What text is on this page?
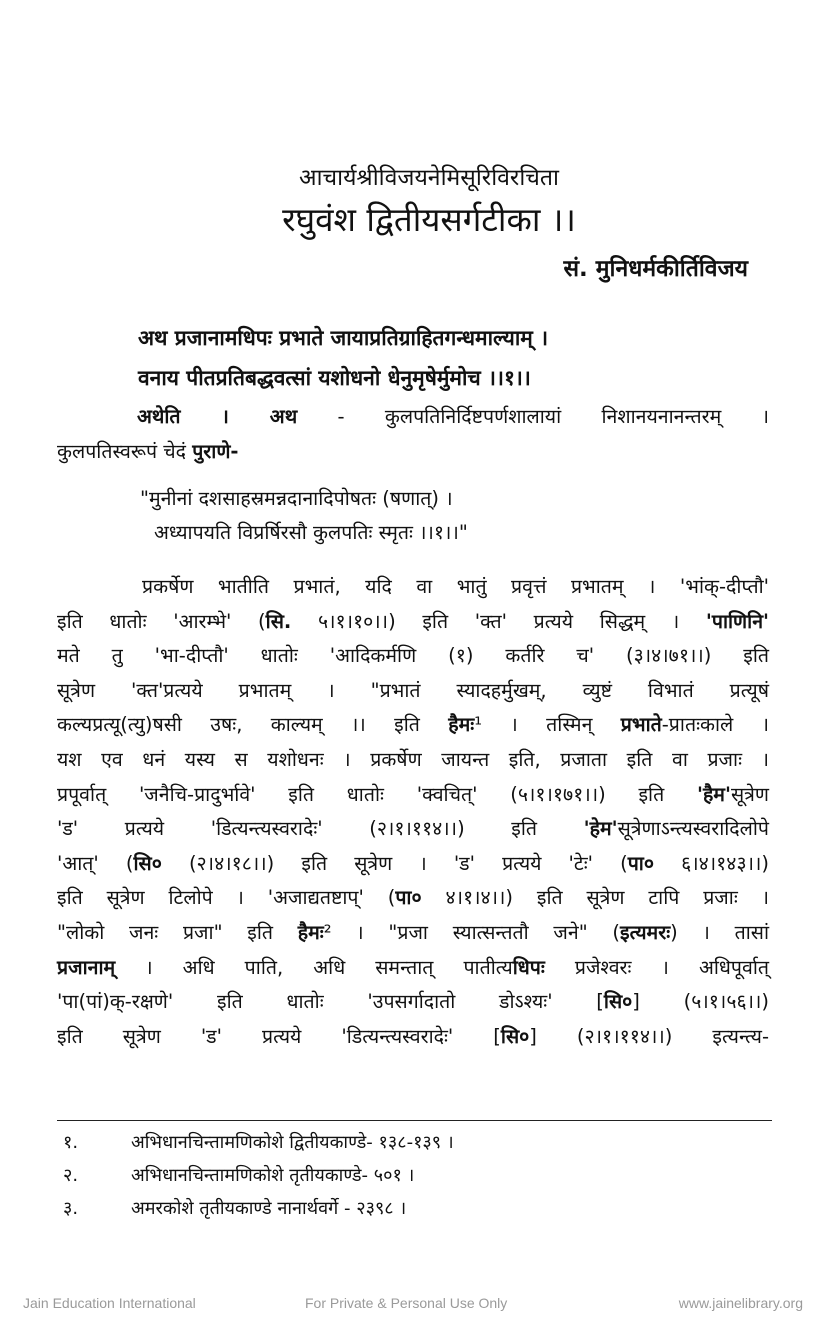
आचार्यश्रीविजयनेमिसूरिविरचिता
रघुवंश द्वितीयसर्गटीका ।।
सं. मुनिधर्मकीर्तिविजय
अथ प्रजानामधिपः प्रभाते जायाप्रतिग्राहितगन्धमाल्याम् ।
वनाय पीतप्रतिबद्धवत्सां यशोधनो धेनुमृषेर्मुमोच ।।१।।
अथेति । अथ - कुलपतिनिर्दिष्टपर्णशालायां निशानयनानन्तरम् ।
कुलपतिस्वरूपं चेदं पुराणे-
"मुनीनां दशसाहस्रमन्नदानादिपोषतः (षणात्) ।
अध्यापयति विप्रर्षिरसौ कुलपतिः स्मृतः ।।१।।"
प्रकर्षेण भातीति प्रभातं, यदि वा भातुं प्रवृत्तं प्रभातम् । 'भांक्-दीप्तौ'
इति धातोः 'आरम्भे' (सि. ५।१।१०।।) इति 'क्त' प्रत्यये सिद्धम् । 'पाणिनि'
मते तु 'भा-दीप्तौ' धातोः 'आदिकर्मणि (१) कर्तरि च' (३।४।७१।।) इति
सूत्रेण 'क्त'प्रत्यये प्रभातम् । "प्रभातं स्यादहर्मुखम्, व्युष्टं विभातं प्रत्यूषं
कल्यप्रत्यू(त्यु)षसी उषः, काल्यम् ।। इति हैमः¹ । तस्मिन् प्रभाते-प्रातःकाले ।
यश एव धनं यस्य स यशोधनः । प्रकर्षेण जायन्त इति, प्रजाता इति वा प्रजाः ।
प्रपूर्वात् 'जनैचि-प्रादुर्भावे' इति धातोः 'क्वचित्' (५।१।१७१।।) इति 'हैम'सूत्रेण
'ड' प्रत्यये 'डित्यन्त्यस्वरादेः' (२।१।११४।।) इति 'हेम'सूत्रेणाऽन्त्यस्वरादिलोपे
'आत्' (सि० (२।४।१८।।) इति सूत्रेण । 'ड' प्रत्यये 'टेः' (पा० ६।४।१४३।।)
इति सूत्रेण टिलोपे । 'अजाद्यतष्टाप्' (पा० ४।१।४।।) इति सूत्रेण टापि प्रजाः ।
"लोको जनः प्रजा" इति हैमः² । "प्रजा स्यात्सन्ततौ जने" (इत्यमरः) । तासां
प्रजानाम् । अधि पाति, अधि समन्तात् पातीत्यधिपः प्रजेश्वरः । अधिपूर्वात्
'पा(पां)क्-रक्षणे' इति धातोः 'उपसर्गादातो डोऽश्यः' [सि०] (५।१।५६।।)
इति सूत्रेण 'ड' प्रत्यये 'डित्यन्त्यस्वरादेः' [सि०] (२।१।११४।।) इत्यन्त्य-
१.	अभिधानचिन्तामणिकोशे द्वितीयकाण्डे- १३८-१३९ ।
२.	अभिधानचिन्तामणिकोशे तृतीयकाण्डे- ५०१ ।
३.	अमरकोशे तृतीयकाण्डे नानार्थवर्गे - २३९८ ।
Jain Education International	For Private & Personal Use Only	www.jainelibrary.org
